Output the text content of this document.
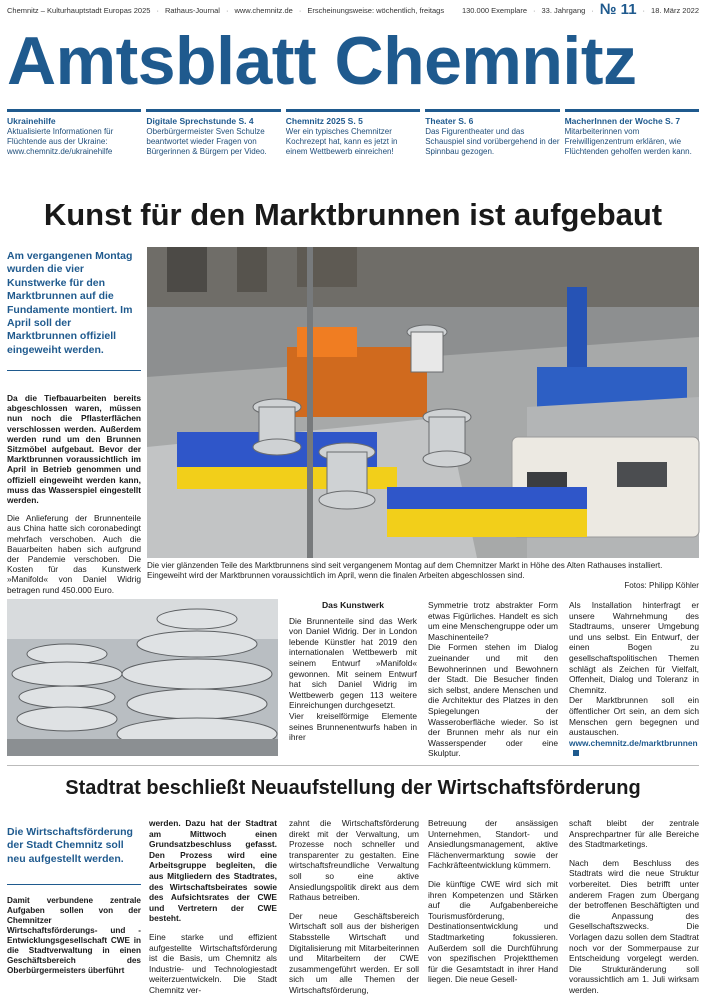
Chemnitz – Kulturhauptstadt Europas 2025 · Rathaus-Journal · www.chemnitz.de · Erscheinungsweise: wöchentlich, freitags 130.000 Exemplare · 33. Jahrgang · № 11 · 18. März 2022
Amtsblatt Chemnitz
Ukrainehilfe
Aktualisierte Informationen für Flüchtende aus der Ukraine: www.chemnitz.de/ukrainehilfe
Digitale Sprechstunde S. 4
Oberbürgermeister Sven Schulze beantwortet wieder Fragen von Bürgerinnen & Bürgern per Video.
Chemnitz 2025 S. 5
Wer ein typisches Chemnitzer Kochrezept hat, kann es jetzt in einem Wettbewerb einreichen!
Theater S. 6
Das Figurentheater und das Schauspiel sind vorübergehend in der Spinnbau gezogen.
MacherInnen der Woche S. 7
Mitarbeiterinnen vom Freiwilligenzentrum erklären, wie Flüchtenden geholfen werden kann.
Kunst für den Marktbrunnen ist aufgebaut
Am vergangenen Montag wurden die vier Kunstwerke für den Marktbrunnen auf die Fundamente montiert. Im April soll der Marktbrunnen offiziell eingeweiht werden.

Da die Tiefbauarbeiten bereits abgeschlossen waren, müssen nun noch die Pflasterflächen verschlossen werden. Außerdem werden rund um den Brunnen Sitzmöbel aufgebaut. Bevor der Marktbrunnen voraussichtlich im April in Betrieb genommen und offiziell eingeweiht werden kann, muss das Wasserspiel eingestellt werden.

Die Anlieferung der Brunnenteile aus China hatte sich coronabedingt mehrfach verschoben. Auch die Bauarbeiten haben sich aufgrund der Pandemie verschoben. Die Kosten für das Kunstwerk »Manifold« von Daniel Widrig betragen rund 450.000 Euro.

Die vier glänzenden Teile des Marktbrunnens sind seit vergangenem Montag auf dem Chemnitzer Markt in Höhe des Alten Rathauses installiert. Eingeweiht wird der Marktbrunnen voraussichtlich im April, wenn die finalen Arbeiten abgeschlossen sind.
Fotos: Philipp Köhler
Das Kunstwerk

Die Brunnenteile sind das Werk von Daniel Widrig. Der in London lebende Künstler hat 2019 den internationalen Wettbewerb mit seinem Entwurf »Manifold« gewonnen. Mit seinem Entwurf hat sich Daniel Widrig im Wettbewerb gegen 113 weitere Einreichungen durchgesetzt.

Vier kreiselförmige Elemente seines Brunnenentwurfs haben in ihrer

Symmetrie trotz abstrakter Form etwas Figürliches. Handelt es sich um eine Menschengruppe oder um Maschinenteile?

Die Formen stehen im Dialog zueinander und mit den Bewohnerinnen und Bewohnern der Stadt. Die Besucher finden sich selbst, andere Menschen und die Architektur des Platzes in den Spiegelungen der Wasseroberfläche wieder. So ist der Brunnen mehr als nur ein Wasserspender oder eine Skulptur.

Als Installation hinterfragt er unsere Wahrnehmung des Stadtraums, unserer Umgebung und uns selbst. Ein Entwurf, der einen Bogen zu gesellschaftspolitischen Themen schlägt als Zeichen für Vielfalt, Offenheit, Dialog und Toleranz in Chemnitz.

Der Marktbrunnen soll ein öffentlicher Ort sein, an dem sich Menschen gern begegnen und austauschen.

www.chemnitz.de/marktbrunnen

Stadtrat beschließt Neuaufstellung der Wirtschaftsförderung
Die Wirtschaftsförderung der Stadt Chemnitz soll neu aufgestellt werden.
Damit verbundene zentrale Aufgaben sollen von der Chemnitzer Wirtschaftsförderungs- und -Entwicklungsgesellschaft CWE in die Stadtverwaltung in einen Geschäftsbereich des Oberbürgermeisters überführt

werden. Dazu hat der Stadtrat am Mittwoch einen Grundsatzbeschluss gefasst. Den Prozess wird eine Arbeitsgruppe begleiten, die aus Mitgliedern des Stadtrates, des Wirtschaftsbeirates sowie des Aufsichtsrates der CWE und Vertretern der CWE besteht.

Eine starke und effizient aufgestellte Wirtschaftsförderung ist die Basis, um Chemnitz als Industrie- und Technologiestadt weiterzuentwickeln. Die Stadt Chemnitz ver-

zahnt die Wirtschaftsförderung direkt mit der Verwaltung, um Prozesse noch schneller und transparenter zu gestalten. Eine wirtschaftsfreundliche Verwaltung soll so eine aktive Ansiedlungspolitik direkt aus dem Rathaus betreiben.

Der neue Geschäftsbereich Wirtschaft soll aus der bisherigen Stabsstelle Wirtschaft und Digitalisierung mit Mitarbeiterinnen und Mitarbeitern der CWE zusammengeführt werden. Er soll sich um alle Themen der Wirtschaftsförderung,

Betreuung der ansässigen Unternehmen, Standort- und Ansiedlungsmanagement, aktive Flächenvermarktung sowie der Fachkräfteentwicklung kümmern.

Die künftige CWE wird sich mit ihren Kompetenzen und Stärken auf die Aufgabenbereiche Tourismusförderung, Destinationsentwicklung und Stadtmarketing fokussieren. Außerdem soll die Durchführung von spezifischen Projektthemen für die Gesamtstadt in ihrer Hand liegen. Die neue Gesell-

schaft bleibt der zentrale Ansprechpartner für alle Bereiche des Stadtmarketings.

Nach dem Beschluss des Stadtrats wird die neue Struktur vorbereitet. Dies betrifft unter anderem Fragen zum Übergang der betroffenen Beschäftigten und die Anpassung des Gesellschaftszwecks. Die Vorlagen dazu sollen dem Stadtrat noch vor der Sommerpause zur Entscheidung vorgelegt werden. Die Strukturänderung soll voraussichtlich am 1. Juli wirksam werden.
